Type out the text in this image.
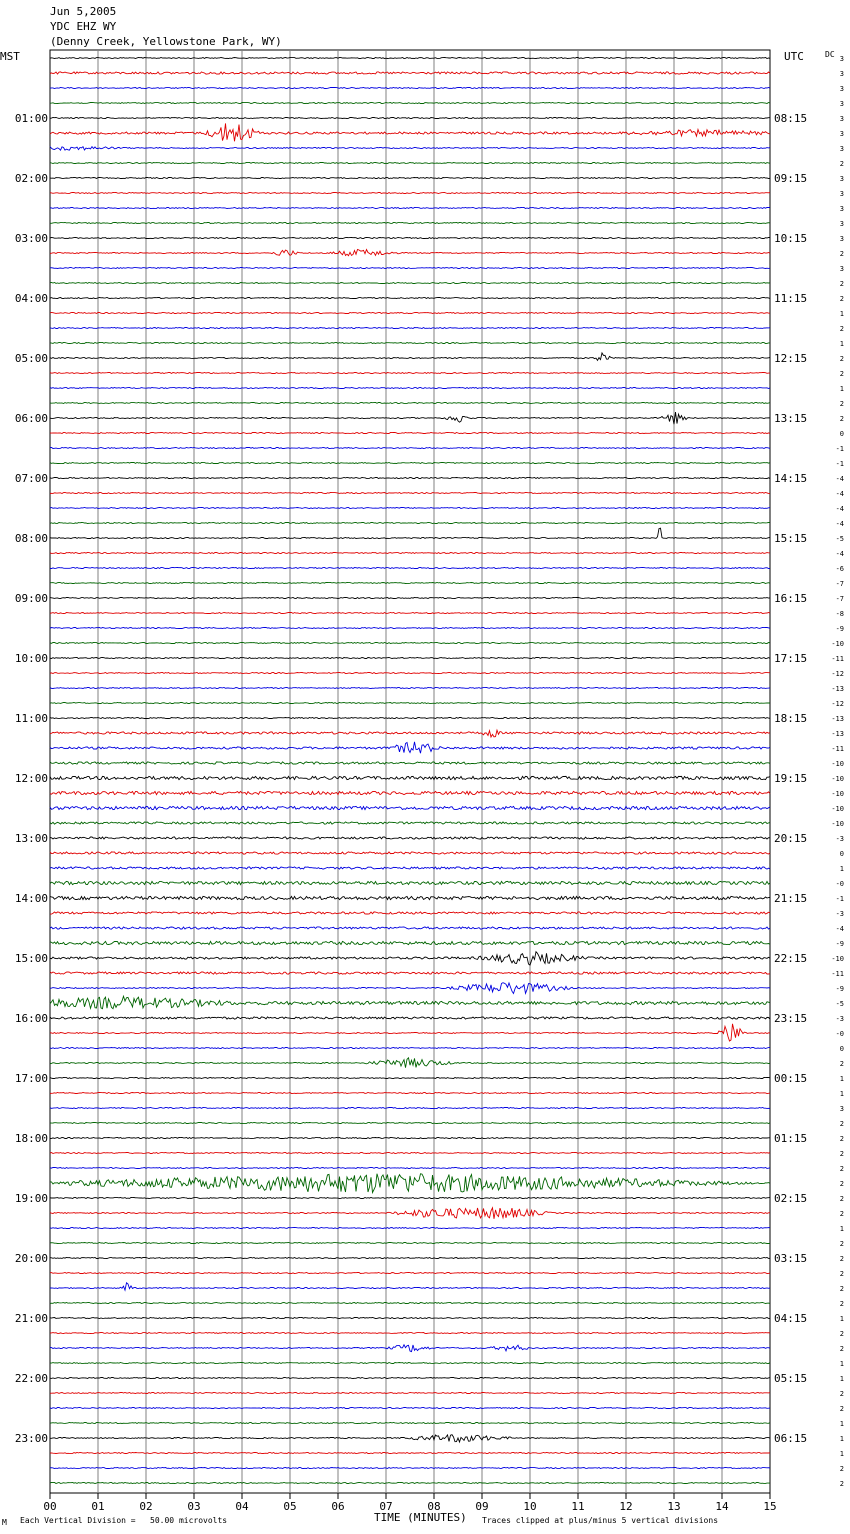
00	01	02	03	04	05	06	07	08	09	10	11	12	13	14	15
3
3
3
3
3
3
3
2
3
3
3
3
3
2
3
2
2
1
2
1
2
2
1
2
2
0
-1
-1
-4
-4
-4
-4
-5
-4
-6
-7
-7
-8
-9
-10
-11
-12
-13
-12
-13
-13
-11
-10
-10
-10
-10
-10
-3
0
1
-0
-1
-3
-4
-9
-10
-11
-9
-5
-3
-0
0
2
1
1
3
2
2
2
2
2
2
2
1
2
2
2
2
2
1
2
2
1
1
2
2
1
1
1
2
2
01:00
02:00
03:00
04:00
05:00
06:00
07:00
08:00
09:00
10:00
11:00
12:00
13:00
14:00
15:00
16:00
17:00
18:00
19:00
20:00
21:00
22:00
23:00
08:15
09:15
10:15
11:15
12:15
13:15
14:15
15:15
16:15
17:15
18:15
19:15
20:15
21:15
22:15
23:15
00:15
01:15
02:15
03:15
04:15
05:15
06:15
Jun 5,2005
YDC EHZ WY
(Denny Creek, Yellowstone Park, WY)
MST	UTC	DC
TIME (MINUTES)
M Each Vertical Division =   50.00 microvolts	Traces clipped at plus/minus 5 vertical divisions
